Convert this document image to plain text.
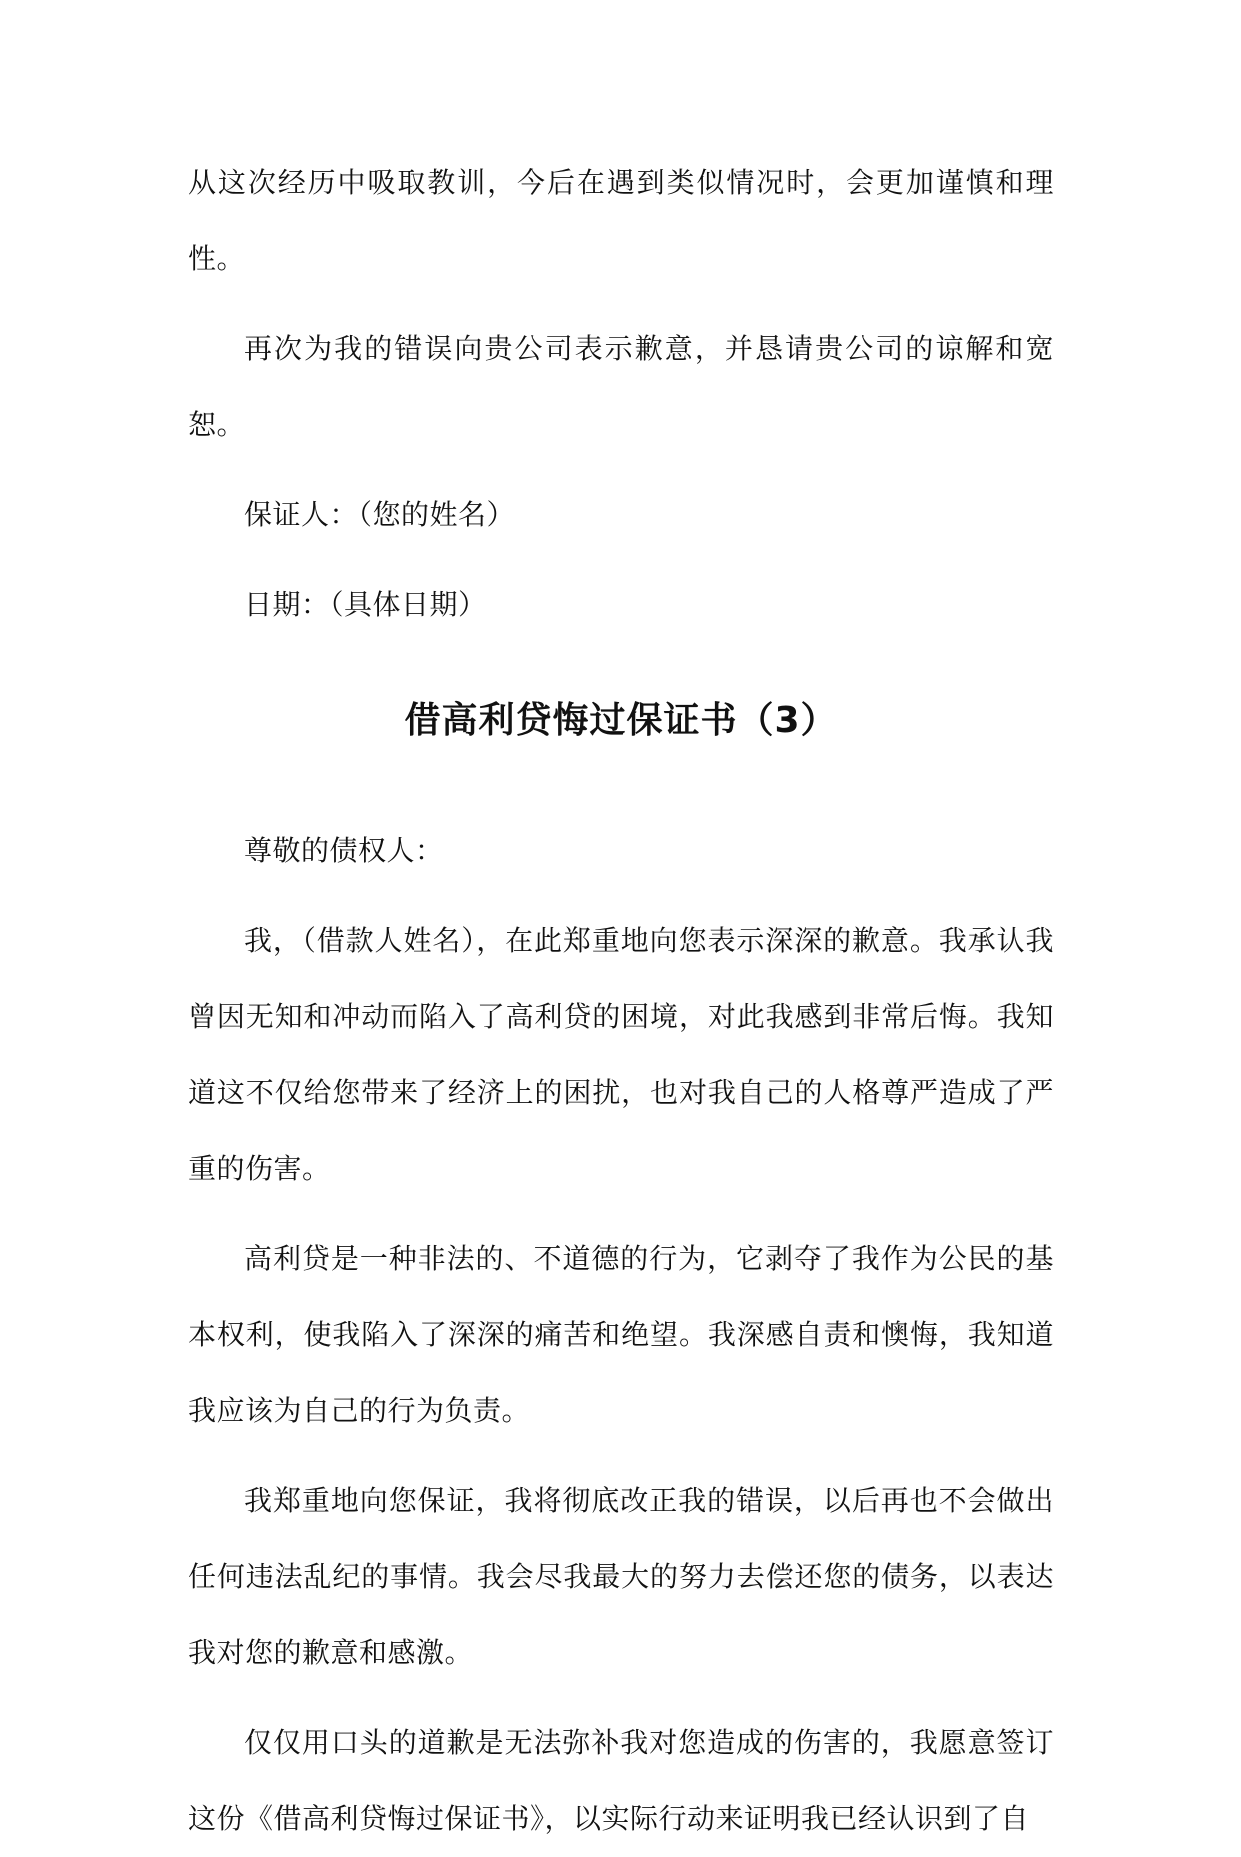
从这次经历中吸取教训，今后在遇到类似情况时，会更加谨慎和理性。

再次为我的错误向贵公司表示歉意，并恳请贵公司的谅解和宽恕。

保证人：（您的姓名）

日期：（具体日期）

借高利贷悔过保证书（3）

尊敬的债权人：

我，（借款人姓名），在此郑重地向您表示深深的歉意。我承认我曾因无知和冲动而陷入了高利贷的困境，对此我感到非常后悔。我知道这不仅给您带来了经济上的困扰，也对我自己的人格尊严造成了严重的伤害。

高利贷是一种非法的、不道德的行为，它剥夺了我作为公民的基本权利，使我陷入了深深的痛苦和绝望。我深感自责和懊悔，我知道我应该为自己的行为负责。

我郑重地向您保证，我将彻底改正我的错误，以后再也不会做出任何违法乱纪的事情。我会尽我最大的努力去偿还您的债务，以表达我对您的歉意和感激。

仅仅用口头的道歉是无法弥补我对您造成的伤害的，我愿意签订这份《借高利贷悔过保证书》，以实际行动来证明我已经认识到了自
